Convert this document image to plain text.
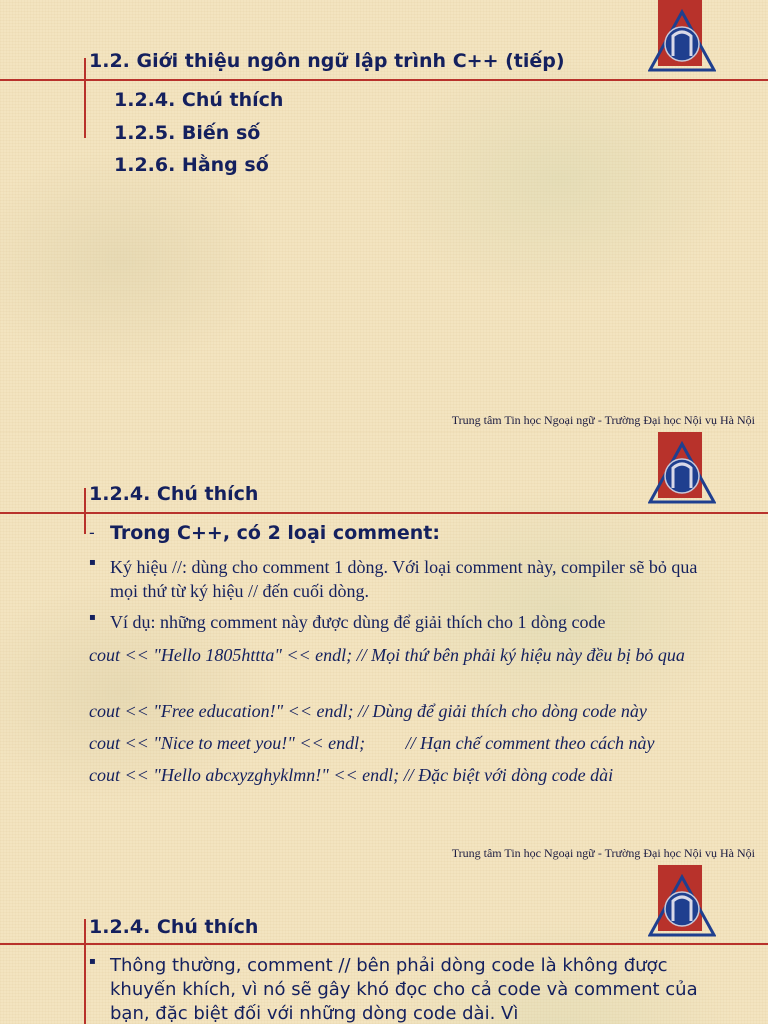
1.2. Giới thiệu ngôn ngữ lập trình C++ (tiếp)
1.2.4. Chú thích
1.2.5. Biến số
1.2.6. Hằng số
Trung tâm Tin học Ngoại ngữ - Trường Đại học Nội vụ Hà Nội
1.2.4. Chú thích
- Trong C++, có 2 loại comment:
▪ Ký hiệu //: dùng cho comment 1 dòng. Với loại comment này, compiler sẽ bỏ qua mọi thứ từ ký hiệu // đến cuối dòng.
▪ Ví dụ: những comment này được dùng để giải thích cho 1 dòng code

cout << "Hello 1805httta" << endl; // Mọi thứ bên phải ký hiệu này đều bị bỏ qua

cout << "Free education!" << endl; // Dùng để giải thích cho dòng code này

cout << "Nice to meet you!" << endl;         // Hạn chế comment theo cách này

cout << "Hello abcxyzghyklmn!" << endl; // Đặc biệt với dòng code dài

Trung tâm Tin học Ngoại ngữ - Trường Đại học Nội vụ Hà Nội
1.2.4. Chú thích
▪ Thông thường, comment // bên phải dòng code là không được khuyến khích, vì nó sẽ gây khó đọc cho cả code và comment của bạn, đặc biệt đối với những dòng code dài. Vì
